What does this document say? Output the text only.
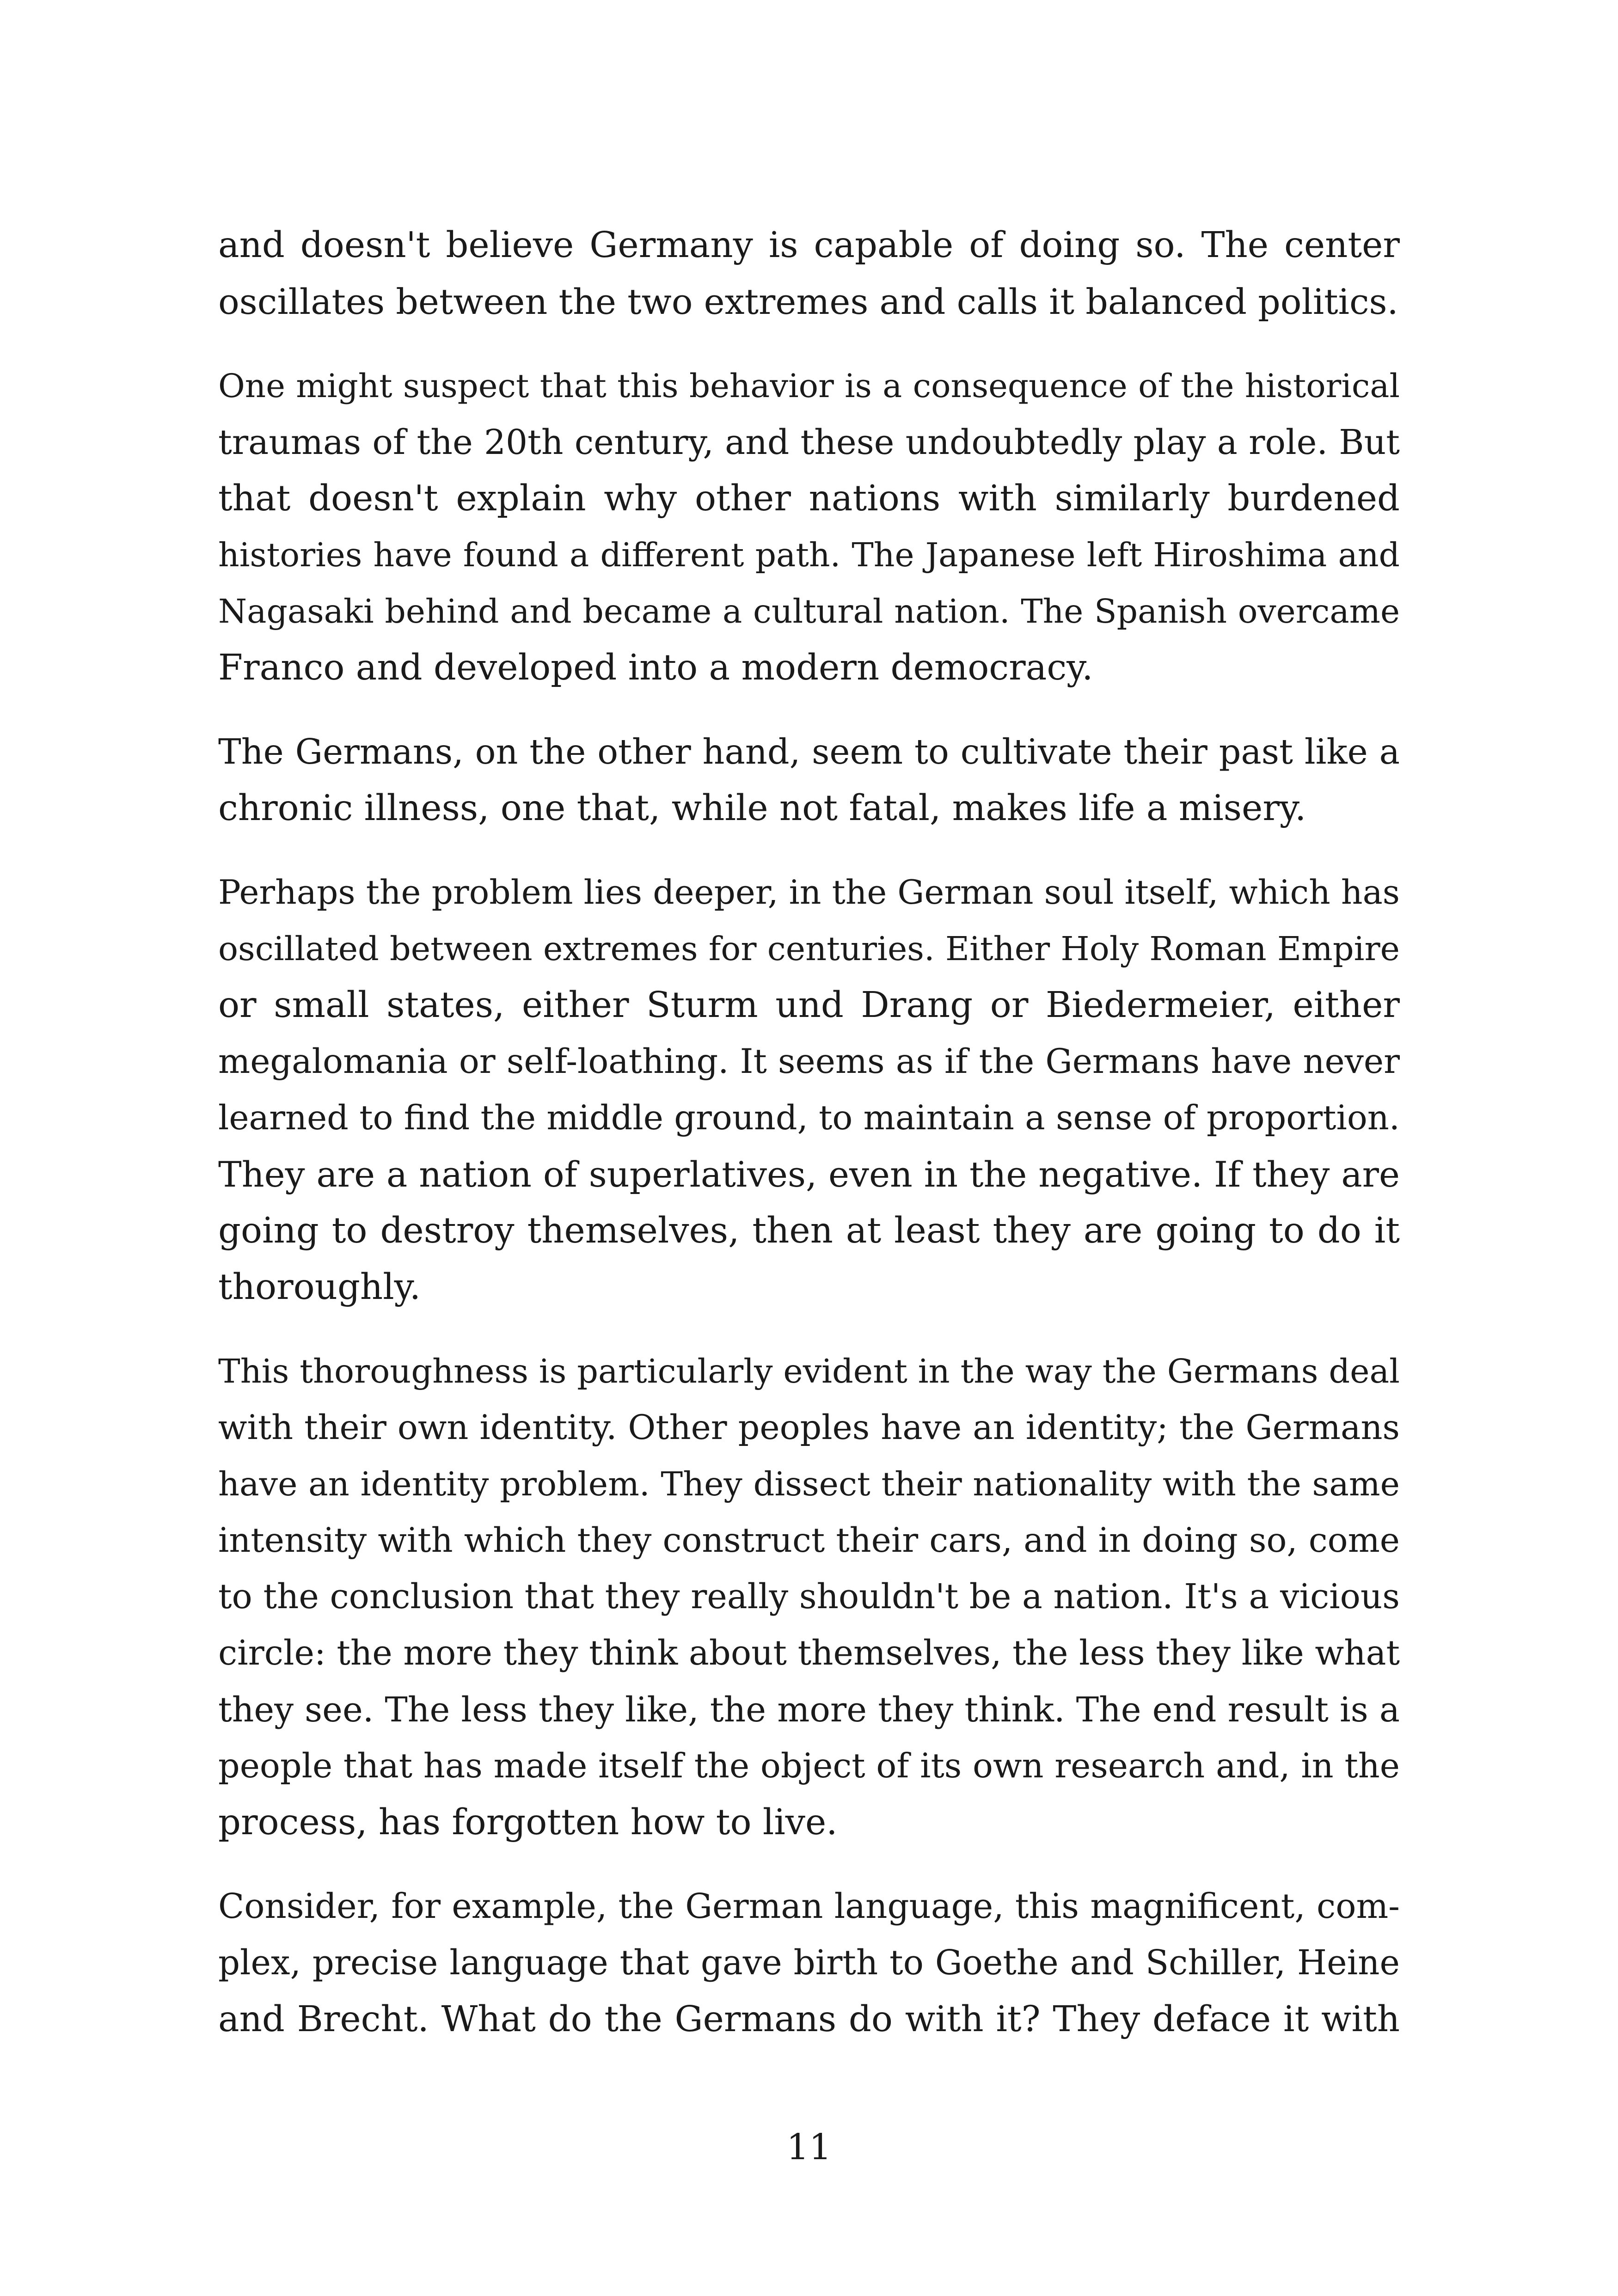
and doesn't believe Germany is capable of doing so. The center
oscillates between the two extremes and calls it balanced politics.
One might suspect that this behavior is a consequence of the historical
traumas of the 20th century, and these undoubtedly play a role. But
that doesn't explain why other nations with similarly burdened
histories have found a different path. The Japanese left Hiroshima and
Nagasaki behind and became a cultural nation. The Spanish overcame
Franco and developed into a modern democracy.
The Germans, on the other hand, seem to cultivate their past like a
chronic illness, one that, while not fatal, makes life a misery.
Perhaps the problem lies deeper, in the German soul itself, which has
oscillated between extremes for centuries. Either Holy Roman Empire
or small states, either Sturm und Drang or Biedermeier, either
megalomania or self-loathing. It seems as if the Germans have never
learned to find the middle ground, to maintain a sense of proportion.
They are a nation of superlatives, even in the negative. If they are
going to destroy themselves, then at least they are going to do it
thoroughly.
This thoroughness is particularly evident in the way the Germans deal
with their own identity. Other peoples have an identity; the Germans
have an identity problem. They dissect their nationality with the same
intensity with which they construct their cars, and in doing so, come
to the conclusion that they really shouldn't be a nation. It's a vicious
circle: the more they think about themselves, the less they like what
they see. The less they like, the more they think. The end result is a
people that has made itself the object of its own research and, in the
process, has forgotten how to live.
Consider, for example, the German language, this magnificent, com-
plex, precise language that gave birth to Goethe and Schiller, Heine
and Brecht. What do the Germans do with it? They deface it with
11
